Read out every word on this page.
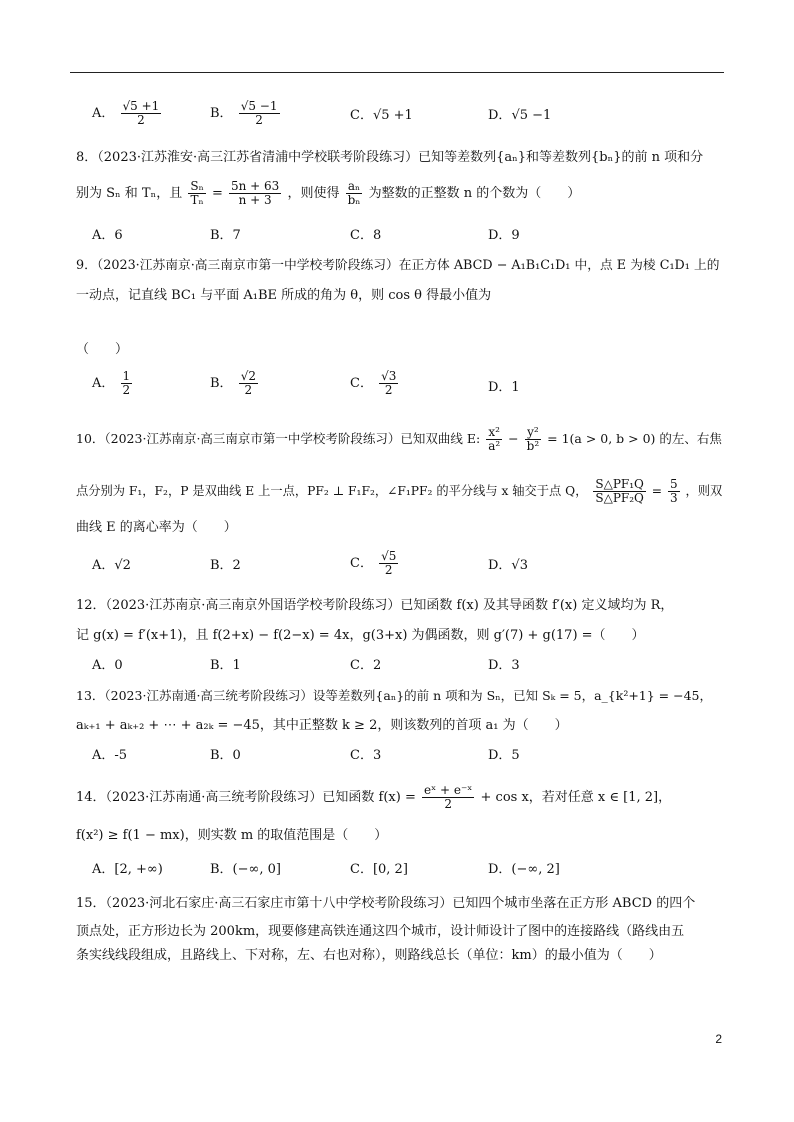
A． $\frac{√5 +1}{2}$	B． $\frac{√5 -1}{2}$	C．√5 +1	D．√5 −1
8．（2023·江苏淮安·高三江苏省清浦中学校联考阶段练习）已知等差数列{aₙ}和等差数列{bₙ}的前 n 项和分
别为 Sₙ 和 Tₙ，且 $\frac{\text{Sₙ}}{\text{Tₙ}} = \frac{5n + 63}{n + 3}$ ，则使得 $\frac{\text{aₙ}}{\text{bₙ}}$ 为整数的正整数 n 的个数为（　　）
A．6	B．7	C．8	D．9
9．（2023·江苏南京·高三南京市第一中学校考阶段练习）在正方体 ABCD − A₁B₁C₁D₁ 中，点 E 为棱 C₁D₁ 上的
一动点，记直线 BC₁ 与平面 A₁BE 所成的角为 θ，则 cos θ 得最小值为
（　　）
A． $\frac{1}{2}$	B． $\frac{√2}{2}$	C． $\frac{√3}{2}$	D．1
10．（2023·江苏南京·高三南京市第一中学校考阶段练习）已知双曲线 E: $\frac{\text{x²}}{\text{a²}} - \frac{\text{y²}}{\text{b²}} = 1(a > 0$, b > 0) 的左、右焦
点分别为 F₁，F₂，P 是双曲线 E 上一点，PF₂ ⊥ F₁F₂，∠F₁PF₂ 的平分线与 x 轴交于点 Q， $\frac{\text{S△PF₁Q}}{\text{S△PF₂Q}} = \frac{5}{3}$ ，则双
曲线 E 的离心率为（　　）
A．√2	B．2	C． $\frac{√5}{2}$	D．√3
12．（2023·江苏南京·高三南京外国语学校考阶段练习）已知函数 f(x) 及其导函数 f′(x) 定义域均为 R，
记 g(x) = f′(x+1)，且 f(2+x) − f(2−x) = 4x，g(3+x) 为偶函数，则 g′(7) + g(17) =（　　）
A．0	B．1	C．2	D．3
13．（2023·江苏南通·高三统考阶段练习）设等差数列{aₙ}的前 n 项和为 Sₙ，已知 Sₖ = 5，a_{k²+1} = −45，
aₖ₊₁ + aₖ₊₂ + ⋯ + a₂ₖ = −45，其中正整数 k ≥ 2，则该数列的首项 a₁ 为（　　）
A．-5	B．0	C．3	D．5
14．（2023·江苏南通·高三统考阶段练习）已知函数 $f(x) = \frac{\text{eˣ + e⁻ˣ}}{2} + \cos x$，若对任意 x ∈ [1, 2]，
f(x²) ≥ f(1 − mx)，则实数 m 的取值范围是（　　）
A．[2, +∞)	B．(−∞, 0]	C．[0, 2]	D．(−∞, 2]
15．（2023·河北石家庄·高三石家庄市第十八中学校考阶段练习）已知四个城市坐落在正方形 ABCD 的四个
顶点处，正方形边长为 200km，现要修建高铁连通这四个城市，设计师设计了图中的连接路线（路线由五
条实线线段组成，且路线上、下对称，左、右也对称），则路线总长（单位：km）的最小值为（　　）
2
